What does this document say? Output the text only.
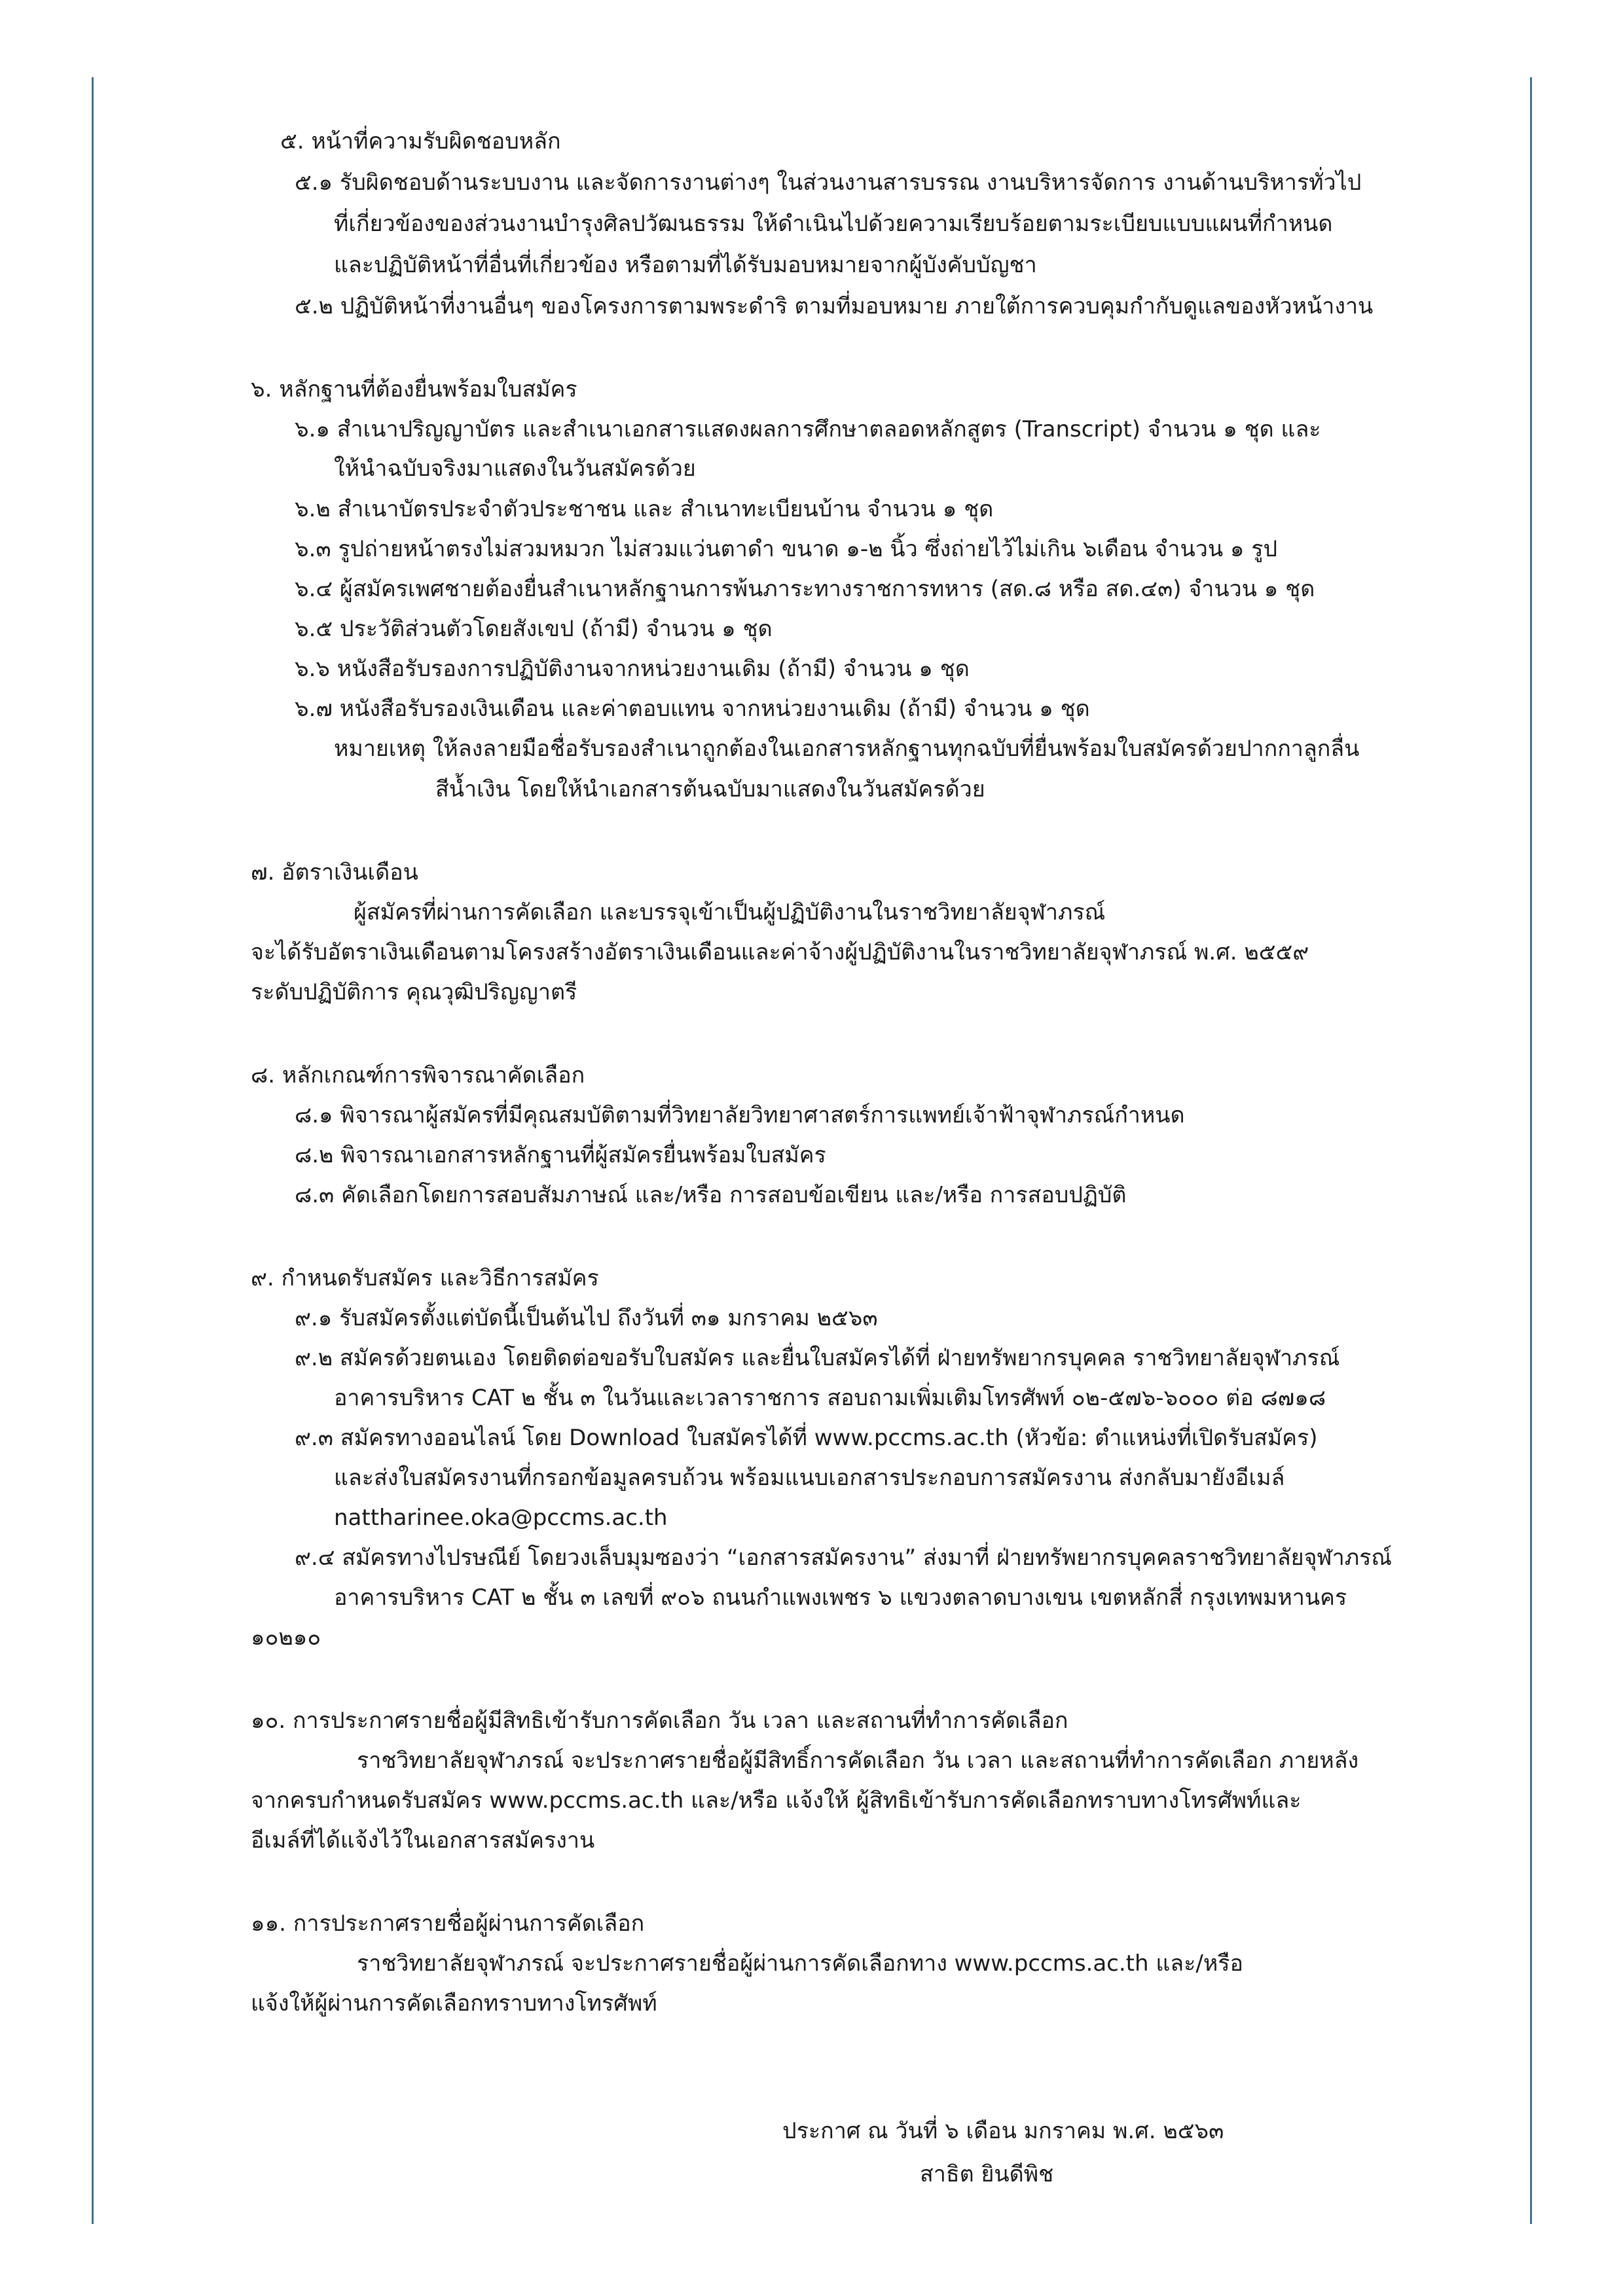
๕. หน้าที่ความรับผิดชอบหลัก

๕.๑ รับผิดชอบด้านระบบงาน และจัดการงานต่างๆ ในส่วนงานสารบรรณ งานบริหารจัดการ งานด้านบริหารทั่วไป

ที่เกี่ยวข้องของส่วนงานบำรุงศิลปวัฒนธรรม ให้ดำเนินไปด้วยความเรียบร้อยตามระเบียบแบบแผนที่กำหนด

และปฏิบัติหน้าที่อื่นที่เกี่ยวข้อง หรือตามที่ได้รับมอบหมายจากผู้บังคับบัญชา

๕.๒ ปฏิบัติหน้าที่งานอื่นๆ ของโครงการตามพระดำริ ตามที่มอบหมาย ภายใต้การควบคุมกำกับดูแลของหัวหน้างาน

๖. หลักฐานที่ต้องยื่นพร้อมใบสมัคร

๖.๑ สำเนาปริญญาบัตร และสำเนาเอกสารแสดงผลการศึกษาตลอดหลักสูตร (Transcript) จำนวน ๑ ชุด และ

ให้นำฉบับจริงมาแสดงในวันสมัครด้วย

๖.๒ สำเนาบัตรประจำตัวประชาชน และ สำเนาทะเบียนบ้าน จำนวน ๑ ชุด

๖.๓ รูปถ่ายหน้าตรงไม่สวมหมวก ไม่สวมแว่นตาดำ ขนาด ๑-๒ นิ้ว ซึ่งถ่ายไว้ไม่เกิน ๖เดือน จำนวน ๑ รูป

๖.๔ ผู้สมัครเพศชายต้องยื่นสำเนาหลักฐานการพ้นภาระทางราชการทหาร (สด.๘ หรือ สด.๔๓) จำนวน ๑ ชุด

๖.๕ ประวัติส่วนตัวโดยสังเขป (ถ้ามี) จำนวน ๑ ชุด

๖.๖ หนังสือรับรองการปฏิบัติงานจากหน่วยงานเดิม (ถ้ามี) จำนวน ๑ ชุด

๖.๗ หนังสือรับรองเงินเดือน และค่าตอบแทน จากหน่วยงานเดิม (ถ้ามี) จำนวน ๑ ชุด

หมายเหตุ ให้ลงลายมือชื่อรับรองสำเนาถูกต้องในเอกสารหลักฐานทุกฉบับที่ยื่นพร้อมใบสมัครด้วยปากกาลูกลื่น

สีน้ำเงิน โดยให้นำเอกสารต้นฉบับมาแสดงในวันสมัครด้วย

๗. อัตราเงินเดือน

ผู้สมัครที่ผ่านการคัดเลือก และบรรจุเข้าเป็นผู้ปฏิบัติงานในราชวิทยาลัยจุฬาภรณ์

จะได้รับอัตราเงินเดือนตามโครงสร้างอัตราเงินเดือนและค่าจ้างผู้ปฏิบัติงานในราชวิทยาลัยจุฬาภรณ์ พ.ศ. ๒๕๕๙

ระดับปฏิบัติการ คุณวุฒิปริญญาตรี

๘. หลักเกณฑ์การพิจารณาคัดเลือก

๘.๑ พิจารณาผู้สมัครที่มีคุณสมบัติตามที่วิทยาลัยวิทยาศาสตร์การแพทย์เจ้าฟ้าจุฬาภรณ์กำหนด

๘.๒ พิจารณาเอกสารหลักฐานที่ผู้สมัครยื่นพร้อมใบสมัคร

๘.๓ คัดเลือกโดยการสอบสัมภาษณ์ และ/หรือ การสอบข้อเขียน และ/หรือ การสอบปฏิบัติ

๙. กำหนดรับสมัคร และวิธีการสมัคร

๙.๑ รับสมัครตั้งแต่บัดนี้เป็นต้นไป ถึงวันที่ ๓๑ มกราคม ๒๕๖๓

๙.๒ สมัครด้วยตนเอง โดยติดต่อขอรับใบสมัคร และยื่นใบสมัครได้ที่ ฝ่ายทรัพยากรบุคคล ราชวิทยาลัยจุฬาภรณ์

อาคารบริหาร CAT ๒ ชั้น ๓ ในวันและเวลาราชการ สอบถามเพิ่มเติมโทรศัพท์ ๐๒-๕๗๖-๖๐๐๐ ต่อ ๘๗๑๘

๙.๓ สมัครทางออนไลน์ โดย Download ใบสมัครได้ที่ www.pccms.ac.th (หัวข้อ: ตำแหน่งที่เปิดรับสมัคร)

และส่งใบสมัครงานที่กรอกข้อมูลครบถ้วน พร้อมแนบเอกสารประกอบการสมัครงาน ส่งกลับมายังอีเมล์

nattharinee.oka@pccms.ac.th

๙.๔ สมัครทางไปรษณีย์ โดยวงเล็บมุมซองว่า “เอกสารสมัครงาน” ส่งมาที่ ฝ่ายทรัพยากรบุคคลราชวิทยาลัยจุฬาภรณ์

อาคารบริหาร CAT ๒ ชั้น ๓ เลขที่ ๙๐๖ ถนนกำแพงเพชร ๖ แขวงตลาดบางเขน เขตหลักสี่ กรุงเทพมหานคร

๑๐๒๑๐

๑๐. การประกาศรายชื่อผู้มีสิทธิเข้ารับการคัดเลือก วัน เวลา และสถานที่ทำการคัดเลือก

ราชวิทยาลัยจุฬาภรณ์ จะประกาศรายชื่อผู้มีสิทธิ์การคัดเลือก วัน เวลา และสถานที่ทำการคัดเลือก ภายหลัง

จากครบกำหนดรับสมัคร www.pccms.ac.th และ/หรือ แจ้งให้ ผู้สิทธิเข้ารับการคัดเลือกทราบทางโทรศัพท์และ

อีเมล์ที่ได้แจ้งไว้ในเอกสารสมัครงาน

๑๑. การประกาศรายชื่อผู้ผ่านการคัดเลือก

ราชวิทยาลัยจุฬาภรณ์ จะประกาศรายชื่อผู้ผ่านการคัดเลือกทาง www.pccms.ac.th และ/หรือ

แจ้งให้ผู้ผ่านการคัดเลือกทราบทางโทรศัพท์

ประกาศ ณ วันที่ ๖ เดือน มกราคม พ.ศ. ๒๕๖๓

สาธิต ยินดีพิช
